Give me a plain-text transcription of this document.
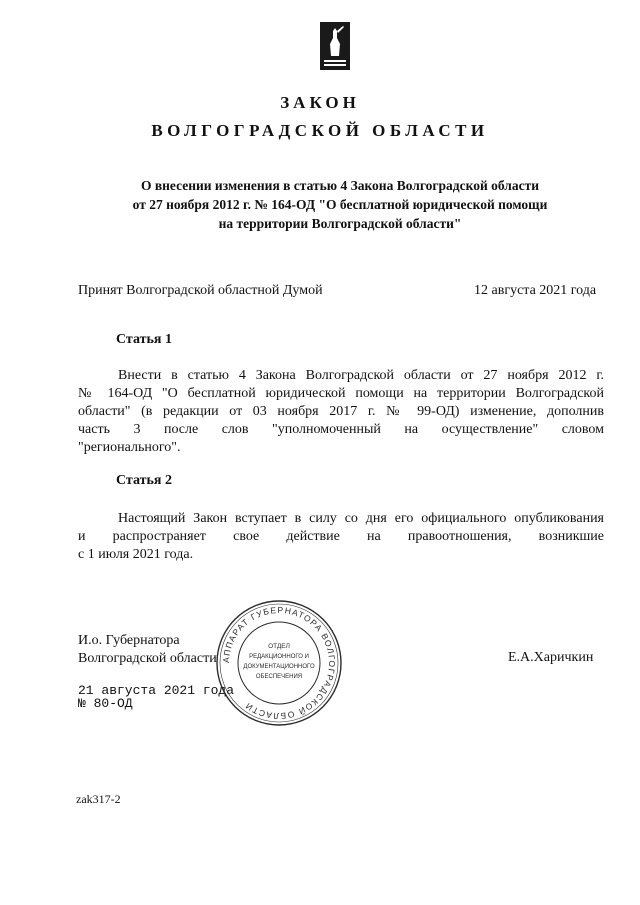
ЗАКОН
ВОЛГОГРАДСКОЙ ОБЛАСТИ
О внесении изменения в статью 4 Закона Волгоградской области
от 27 ноября 2012 г. № 164-ОД "О бесплатной юридической помощи
на территории Волгоградской области"
Принят Волгоградской областной Думой	12 августа 2021 года
Статья 1
Внести в статью 4 Закона Волгоградской области от 27 ноября 2012 г.
№ 164-ОД "О бесплатной юридической помощи на территории Волгоградской
области" (в редакции от 03 ноября 2017 г. № 99-ОД) изменение, дополнив
часть 3 после слов "уполномоченный на осуществление" словом
"регионального".
Статья 2
Настоящий Закон вступает в силу со дня его официального опубликования
и распространяет свое действие на правоотношения, возникшие
с 1 июля 2021 года.
И.о. Губернатора
Волгоградской области	Е.А.Харичкин
21 августа 2021 года
№ 80-ОД
АППАРАТ ГУБЕРНАТОРА ВОЛГОГРАДСКОЙ ОБЛАСТИ
ОТДЕЛ
РЕДАКЦИОННОГО И
ДОКУМЕНТАЦИОННОГО
ОБЕСПЕЧЕНИЯ
zak317-2
